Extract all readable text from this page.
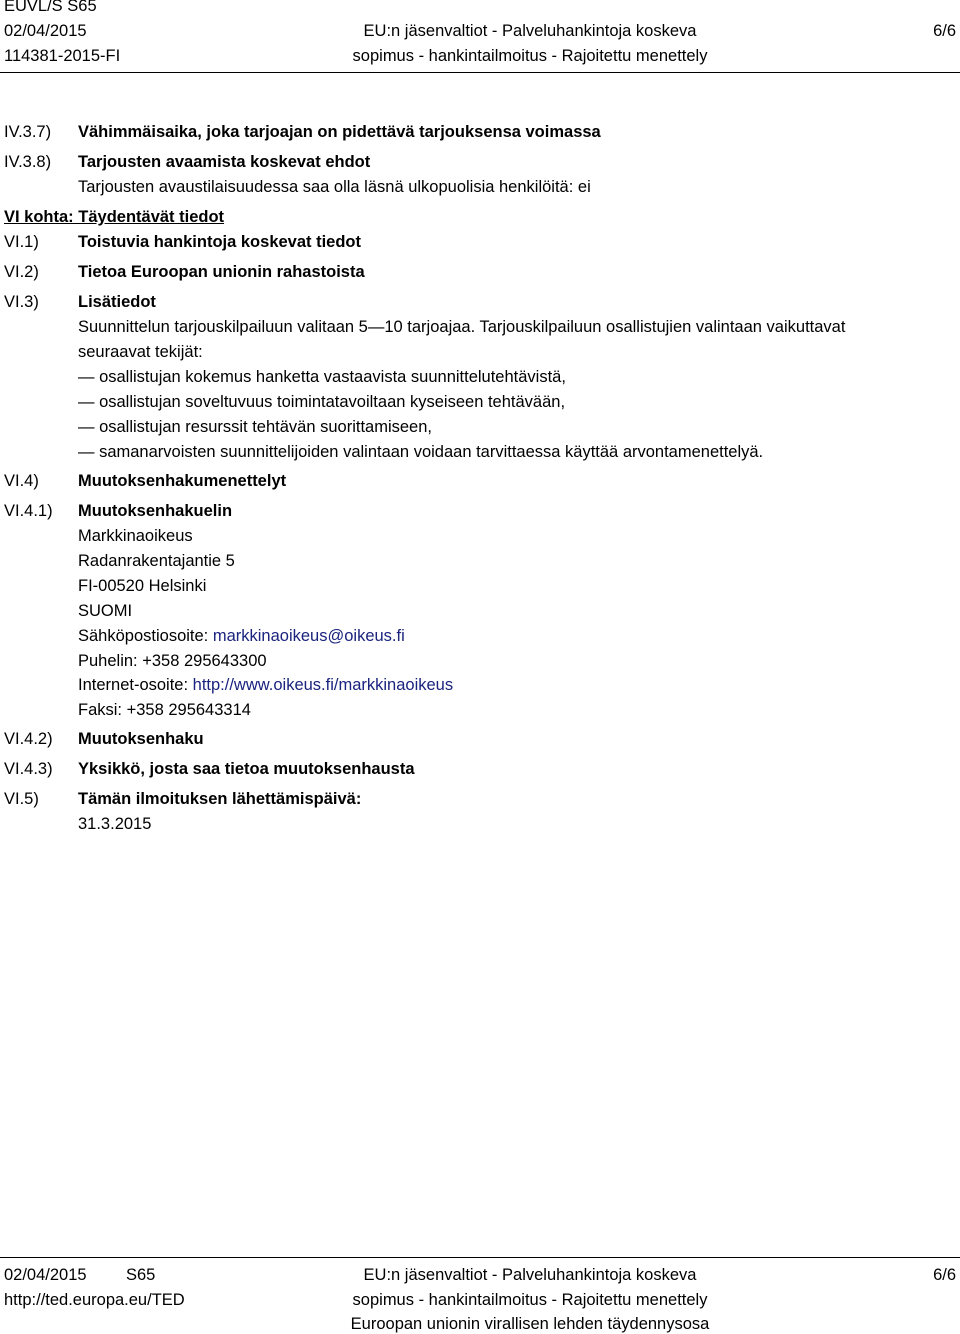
EUVL/S S65
02/04/2015
114381-2015-FI
EU:n jäsenvaltiot - Palveluhankintoja koskeva
sopimus - hankintailmoitus - Rajoitettu menettely
6/6
IV.3.7) Vähimmäisaika, joka tarjoajan on pidettävä tarjouksensa voimassa
IV.3.8) Tarjousten avaamista koskevat ehdot
Tarjousten avaustilaisuudessa saa olla läsnä ulkopuolisia henkilöitä: ei
VI kohta: Täydentävät tiedot
VI.1) Toistuvia hankintoja koskevat tiedot
VI.2) Tietoa Euroopan unionin rahastoista
VI.3) Lisätiedot
Suunnittelun tarjouskilpailuun valitaan 5—10 tarjoajaa. Tarjouskilpailuun osallistujien valintaan vaikuttavat
seuraavat tekijät:
— osallistujan kokemus hanketta vastaavista suunnittelutehtävistä,
— osallistujan soveltuvuus toimintatavoiltaan kyseiseen tehtävään,
— osallistujan resurssit tehtävän suorittamiseen,
— samanarvoisten suunnittelijoiden valintaan voidaan tarvittaessa käyttää arvontamenettelyä.
VI.4) Muutoksenhakumenettelyt
VI.4.1) Muutoksenhakuelin
Markkinaoikeus
Radanrakentajantie 5
FI-00520 Helsinki
SUOMI
Sähköpostiosoite: markkinaoikeus@oikeus.fi
Puhelin: +358 295643300
Internet-osoite: http://www.oikeus.fi/markkinaoikeus
Faksi: +358 295643314
VI.4.2) Muutoksenhaku
VI.4.3) Yksikkö, josta saa tietoa muutoksenhausta
VI.5) Tämän ilmoituksen lähettämispäivä:
31.3.2015
02/04/2015 S65
http://ted.europa.eu/TED
EU:n jäsenvaltiot - Palveluhankintoja koskeva
sopimus - hankintailmoitus - Rajoitettu menettely
Euroopan unionin virallisen lehden täydennysosa
6/6
